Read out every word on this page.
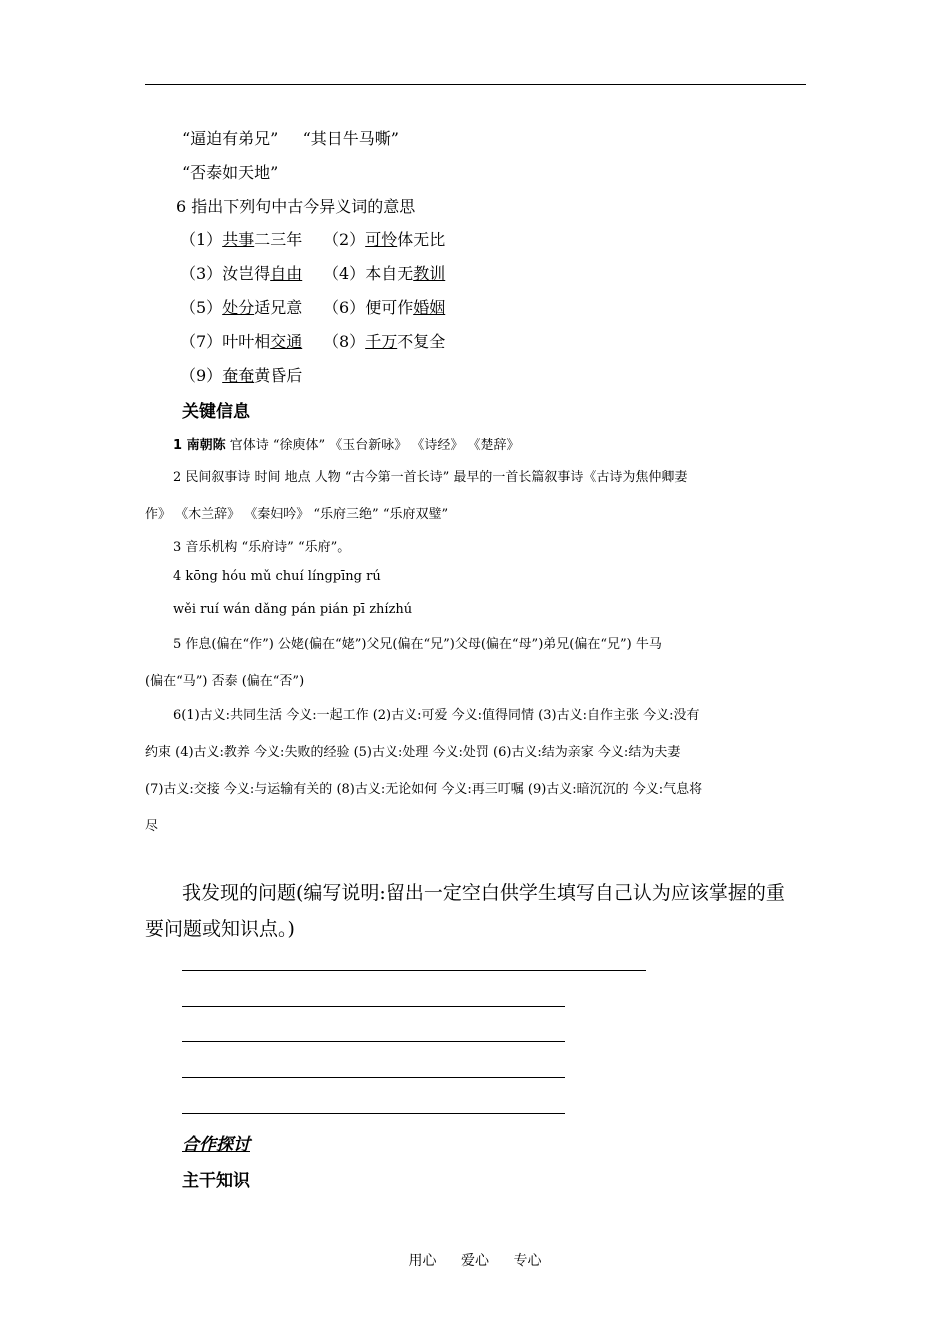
“逼迫有弟兄” “其日牛马嘶”
“否泰如天地”
6 指出下列句中古今异义词的意思
（1）共事二三年 （2）可怜体无比
（3）汝岂得自由 （4）本自无教训
（5）处分适兄意 （6）便可作婚姻
（7）叶叶相交通 （8）千万不复全
（9）奄奄黄昏后
关键信息
1 南朝陈 官体诗 “徐庾体” 《玉台新咏》 《诗经》 《楚辞》
2 民间叙事诗 时间 地点 人物 “古今第一首长诗” 最早的一首长篇叙事诗《古诗为焦仲卿妻
作》 《木兰辞》 《秦妇吟》 “乐府三绝” “乐府双璧”
3 音乐机构 “乐府诗” “乐府”。
4 kōng hóu mǔ chuí língpīng rú
wěi ruí wán dǎng pán pián pī zhízhú
5 作息(偏在“作”) 公姥(偏在“姥”)父兄(偏在“兄”)父母(偏在“母”)弟兄(偏在“兄”) 牛马
(偏在“马”) 否泰 (偏在“否”)
6(1)古义:共同生活 今义:一起工作 (2)古义:可爱 今义:值得同情 (3)古义:自作主张 今义:没有
约束 (4)古义:教养 今义:失败的经验 (5)古义:处理 今义:处罚 (6)古义:结为亲家 今义:结为夫妻
(7)古义:交接 今义:与运输有关的 (8)古义:无论如何 今义:再三叮嘱 (9)古义:暗沉沉的 今义:气息将
尽
我发现的问题(编写说明:留出一定空白供学生填写自己认为应该掌握的重
要问题或知识点。)
合作探讨
主干知识
用心 爱心 专心
